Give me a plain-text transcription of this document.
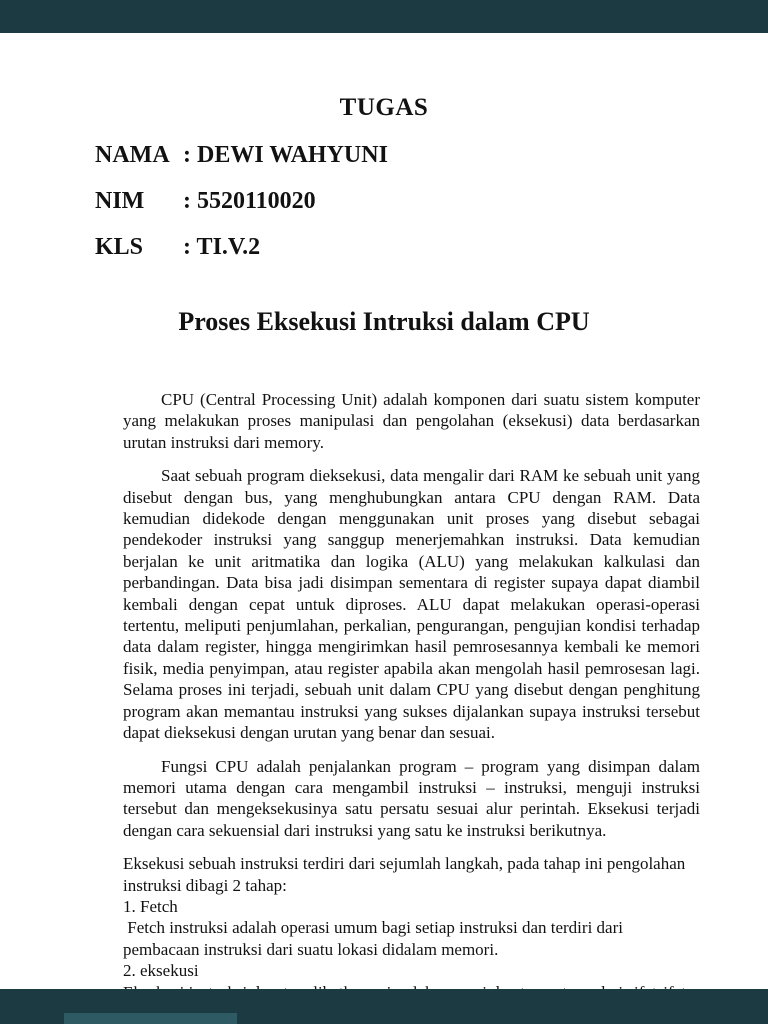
TUGAS
NAMA : DEWI WAHYUNI
NIM : 5520110020
KLS : TI.V.2
Proses Eksekusi Intruksi dalam CPU

CPU (Central Processing Unit) adalah komponen dari suatu sistem komputer yang melakukan proses manipulasi dan pengolahan (eksekusi) data berdasarkan urutan instruksi dari memory.

Saat sebuah program dieksekusi, data mengalir dari RAM ke sebuah unit yang disebut dengan bus, yang menghubungkan antara CPU dengan RAM. Data kemudian didekode dengan menggunakan unit proses yang disebut sebagai pendekoder instruksi yang sanggup menerjemahkan instruksi. Data kemudian berjalan ke unit aritmatika dan logika (ALU) yang melakukan kalkulasi dan perbandingan. Data bisa jadi disimpan sementara di register supaya dapat diambil kembali dengan cepat untuk diproses. ALU dapat melakukan operasi-operasi tertentu, meliputi penjumlahan, perkalian, pengurangan, pengujian kondisi terhadap data dalam register, hingga mengirimkan hasil pemrosesannya kembali ke memori fisik, media penyimpan, atau register apabila akan mengolah hasil pemrosesan lagi. Selama proses ini terjadi, sebuah unit dalam CPU yang disebut dengan penghitung program akan memantau instruksi yang sukses dijalankan supaya instruksi tersebut dapat dieksekusi dengan urutan yang benar dan sesuai.

Fungsi CPU adalah penjalankan program – program yang disimpan dalam memori utama dengan cara mengambil instruksi – instruksi, menguji instruksi tersebut dan mengeksekusinya satu persatu sesuai alur perintah. Eksekusi terjadi dengan cara sekuensial dari instruksi yang satu ke instruksi berikutnya.

Eksekusi sebuah instruksi terdiri dari sejumlah langkah, pada tahap ini pengolahan instruksi dibagi 2 tahap:
1. Fetch
Fetch instruksi adalah operasi umum bagi setiap instruksi dan terdiri dari pembacaan instruksi dari suatu lokasi didalam memori.
2. eksekusi
